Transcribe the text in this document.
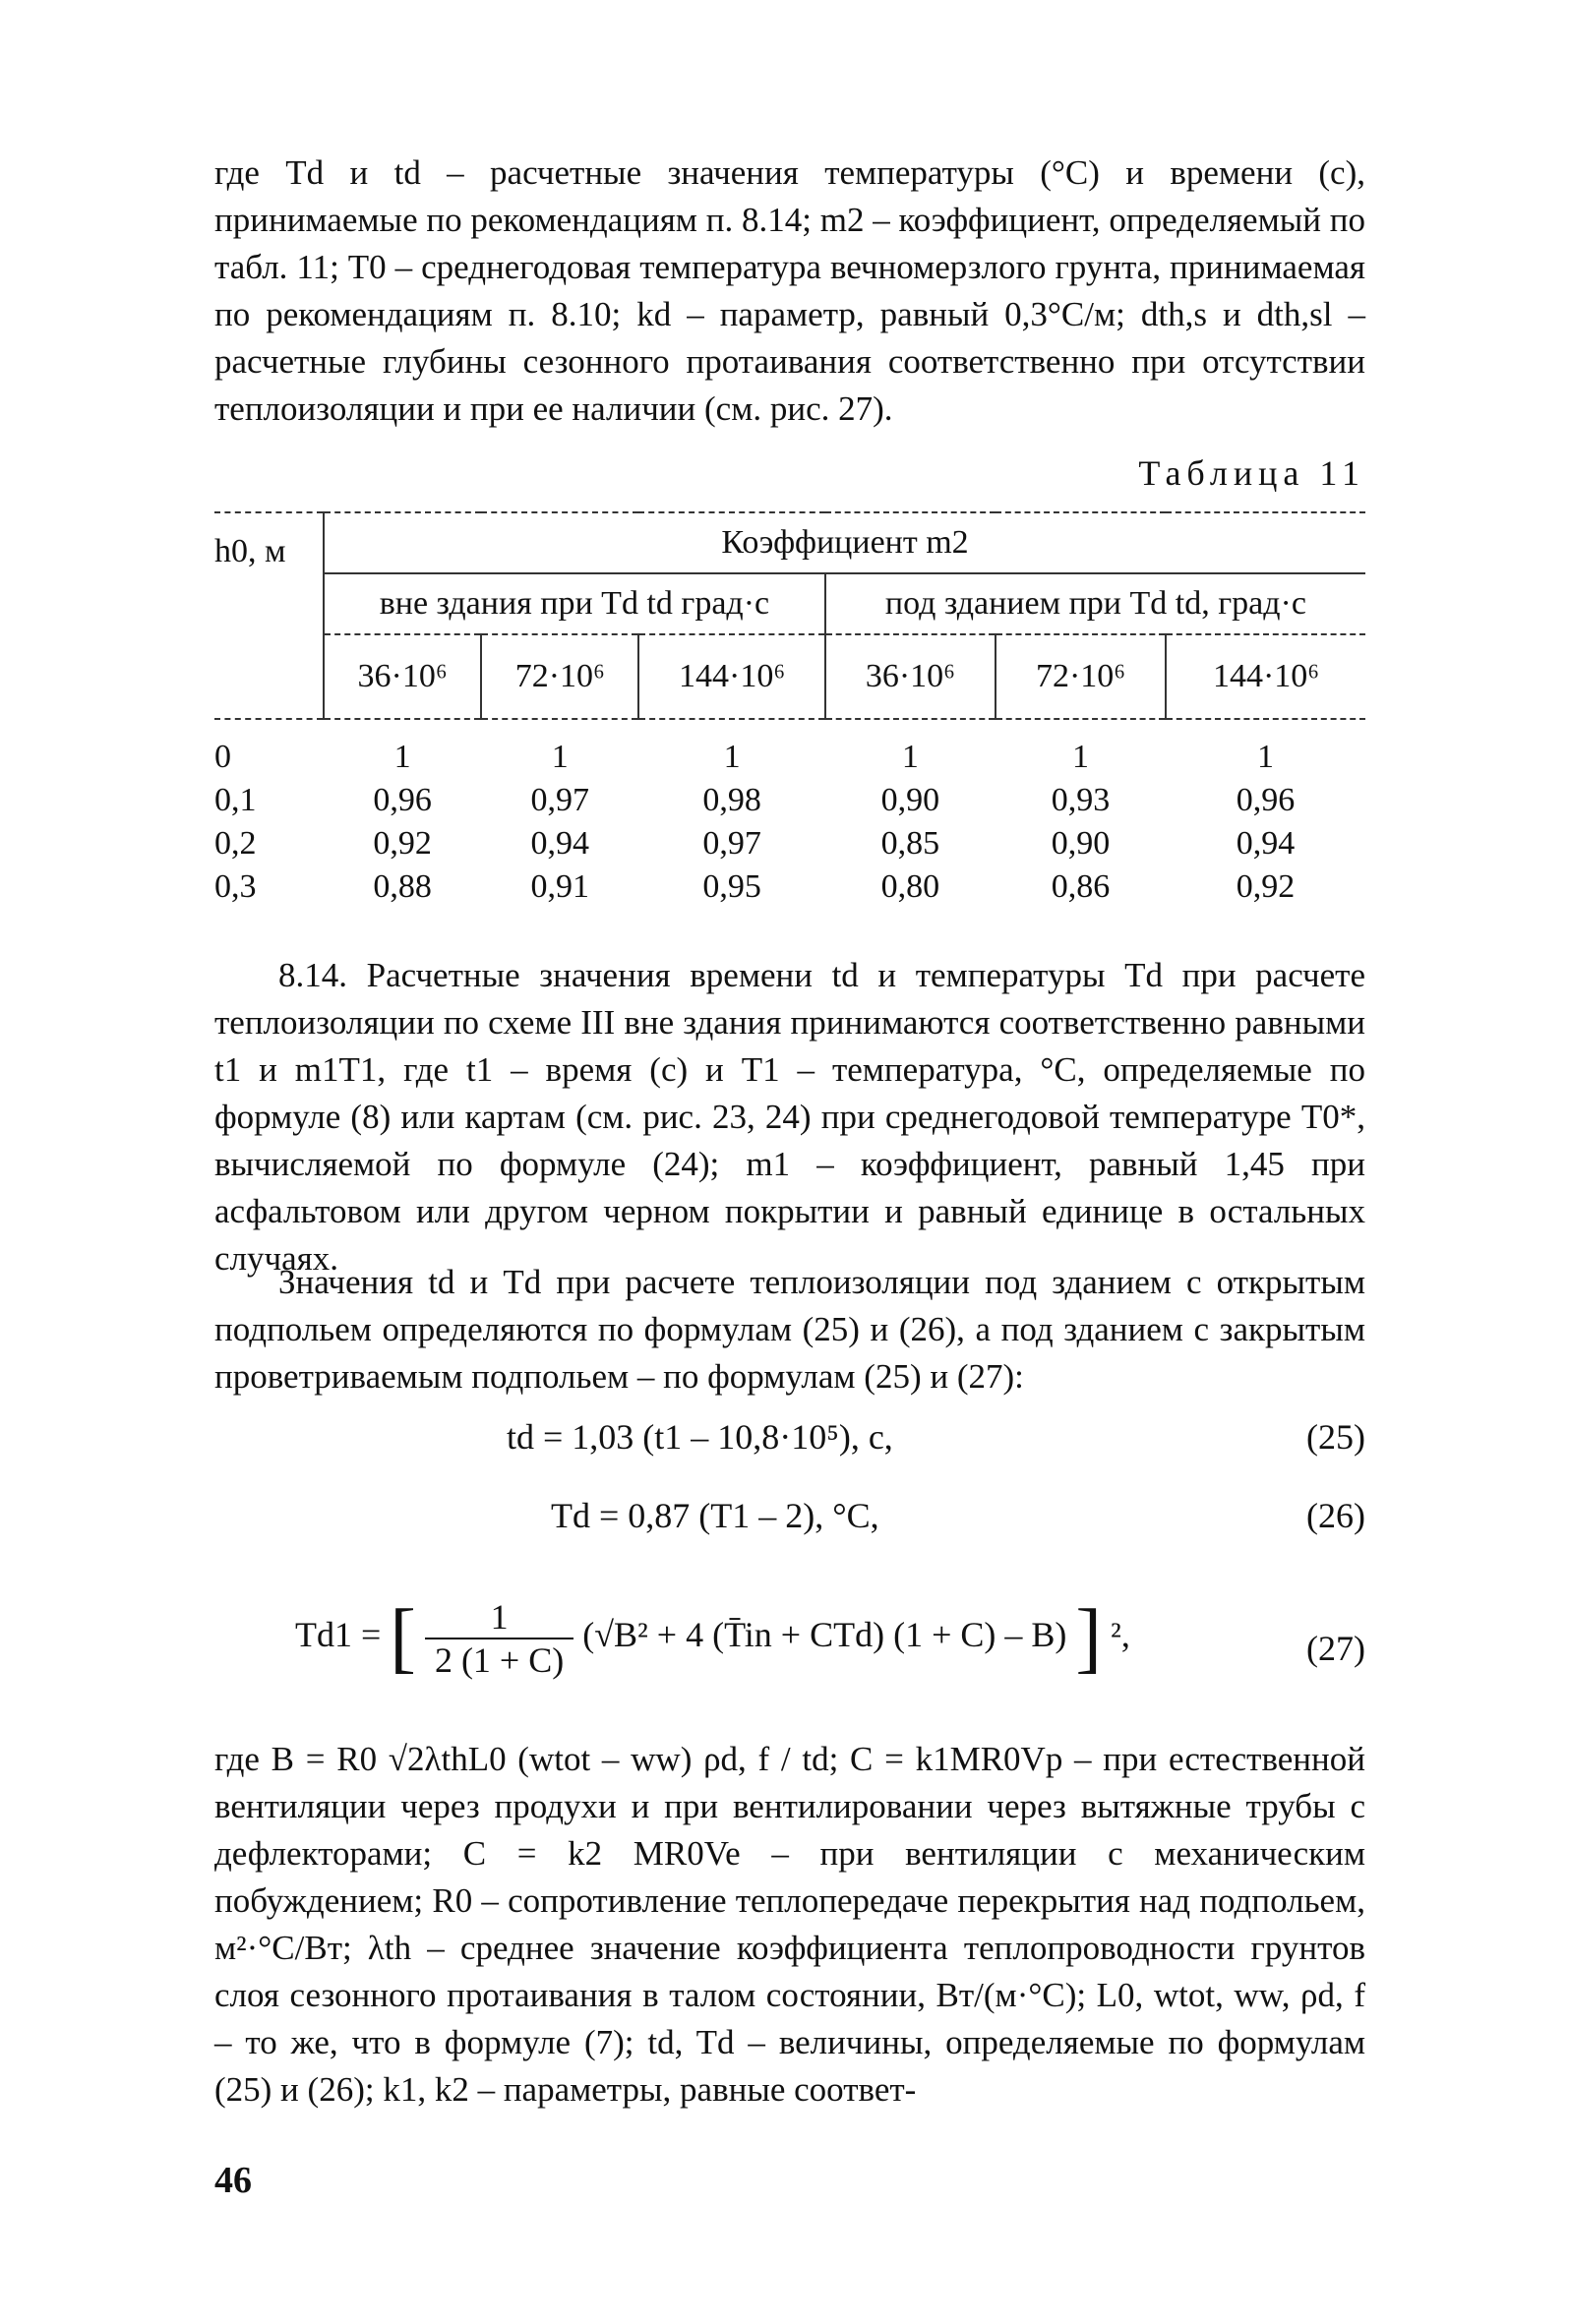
где Td и td – расчетные значения температуры (°С) и времени (с), принимаемые по рекомендациям п. 8.14; m2 – коэффициент, определяемый по табл. 11; T0 – среднегодовая температура вечномерзлого грунта, принимаемая по рекомендациям п. 8.10; kd – параметр, равный 0,3°С/м; dth,s и dth,sl – расчетные глубины сезонного протаивания соответственно при отсутствии теплоизоляции и при ее наличии (см. рис. 27).

Таблица 11
h0, м	Коэффициент m2					
	вне здания при Td td град·с			под зданием при Td td, град·с		
	36·10⁶	72·10⁶	144·10⁶	36·10⁶	72·10⁶	144·10⁶

0	1	1	1	1	1	1
0,1	0,96	0,97	0,98	0,90	0,93	0,96
0,2	0,92	0,94	0,97	0,85	0,90	0,94
0,3	0,88	0,91	0,95	0,80	0,86	0,92

8.14. Расчетные значения времени td и температуры Td при расчете теплоизоляции по схеме III вне здания принимаются соответственно равными t1 и m1T1, где t1 – время (с) и T1 – температура, °С, определяемые по формуле (8) или картам (см. рис. 23, 24) при среднегодовой температуре T0*, вычисляемой по формуле (24); m1 – коэффициент, равный 1,45 при асфальтовом или другом черном покрытии и равный единице в остальных случаях.

Значения td и Td при расчете теплоизоляции под зданием с открытым подпольем определяются по формулам (25) и (26), а под зданием с закрытым проветриваемым подпольем – по формулам (25) и (27):

td = 1,03 (t1 – 10,8·10⁵), c,	(25)
Td = 0,87 (T1 – 2), °C,	(26)
Td1 = [ $\frac{1}{2 (1 + C)} (√B^2 + 4$ (T̄in + CTd) (1 + C) – B) ] ²,	(27)

где B = R0 √2λthL0 (wtot – ww) ρd, f / td; C = k1MR0Vp – при естественной вентиляции через продухи и при вентилировании через вытяжные трубы с дефлекторами; C = k2 MR0Ve – при вентиляции с механическим побуждением; R0 – сопротивление теплопередаче перекрытия над подпольем, м²·°С/Вт; λth – среднее значение коэффициента теплопроводности грунтов слоя сезонного протаивания в талом состоянии, Вт/(м·°С); L0, wtot, ww, ρd, f – то же, что в формуле (7); td, Td – величины, определяемые по формулам (25) и (26); k1, k2 – параметры, равные соответ-

46
